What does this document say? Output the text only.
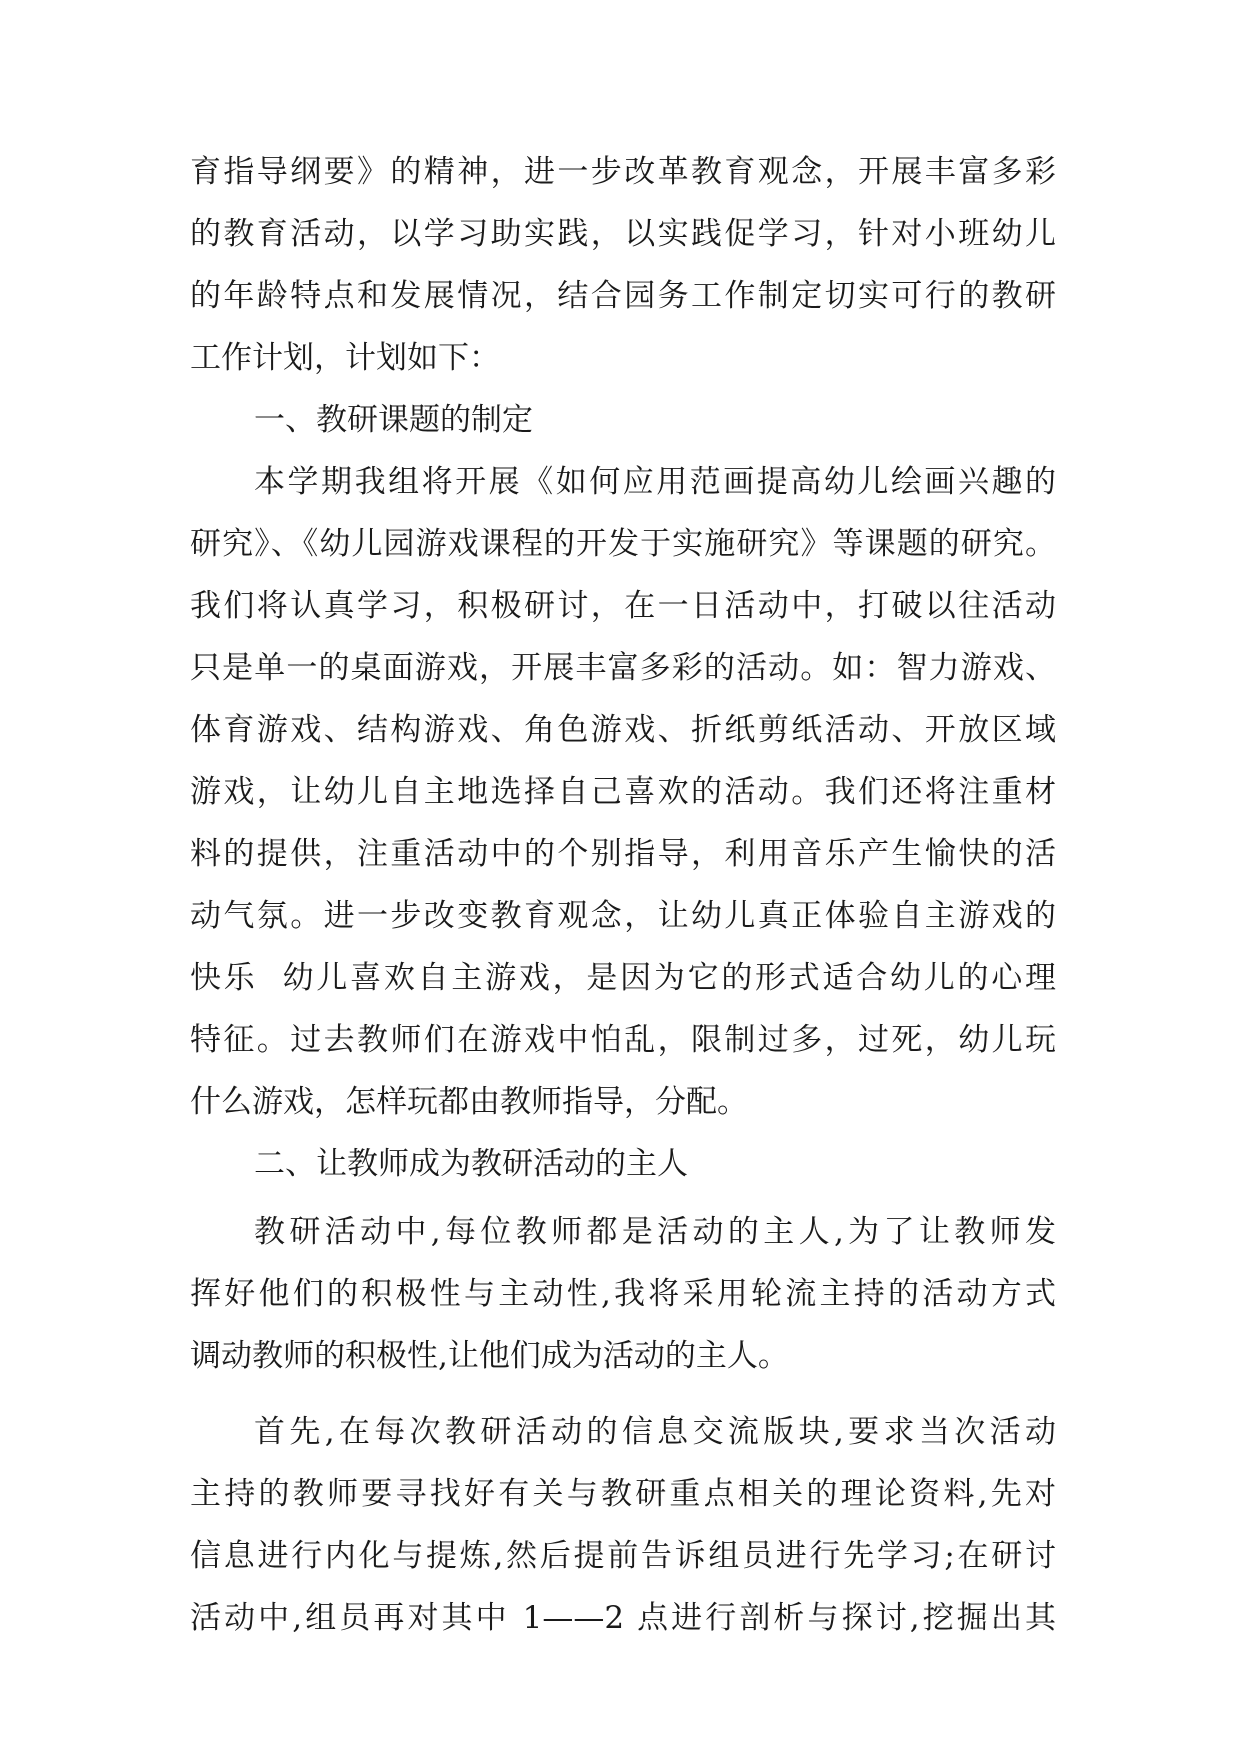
育指导纲要》的精神，进一步改革教育观念，开展丰富多彩
的教育活动，以学习助实践，以实践促学习，针对小班幼儿
的年龄特点和发展情况，结合园务工作制定切实可行的教研
工作计划，计划如下：
一、教研课题的制定
本学期我组将开展《如何应用范画提高幼儿绘画兴趣的
研究》、《幼儿园游戏课程的开发于实施研究》等课题的研究。
我们将认真学习，积极研讨，在一日活动中，打破以往活动
只是单一的桌面游戏，开展丰富多彩的活动。如：智力游戏、
体育游戏、结构游戏、角色游戏、折纸剪纸活动、开放区域
游戏，让幼儿自主地选择自己喜欢的活动。我们还将注重材
料的提供，注重活动中的个别指导，利用音乐产生愉快的活
动气氛。进一步改变教育观念，让幼儿真正体验自主游戏的
快乐  幼儿喜欢自主游戏，是因为它的形式适合幼儿的心理
特征。过去教师们在游戏中怕乱，限制过多，过死，幼儿玩
什么游戏，怎样玩都由教师指导，分配。
二、让教师成为教研活动的主人
教研活动中,每位教师都是活动的主人,为了让教师发
挥好他们的积极性与主动性,我将采用轮流主持的活动方式
调动教师的积极性,让他们成为活动的主人。
首先,在每次教研活动的信息交流版块,要求当次活动
主持的教师要寻找好有关与教研重点相关的理论资料,先对
信息进行内化与提炼,然后提前告诉组员进行先学习;在研讨
活动中,组员再对其中 1——2 点进行剖析与探讨,挖掘出其
